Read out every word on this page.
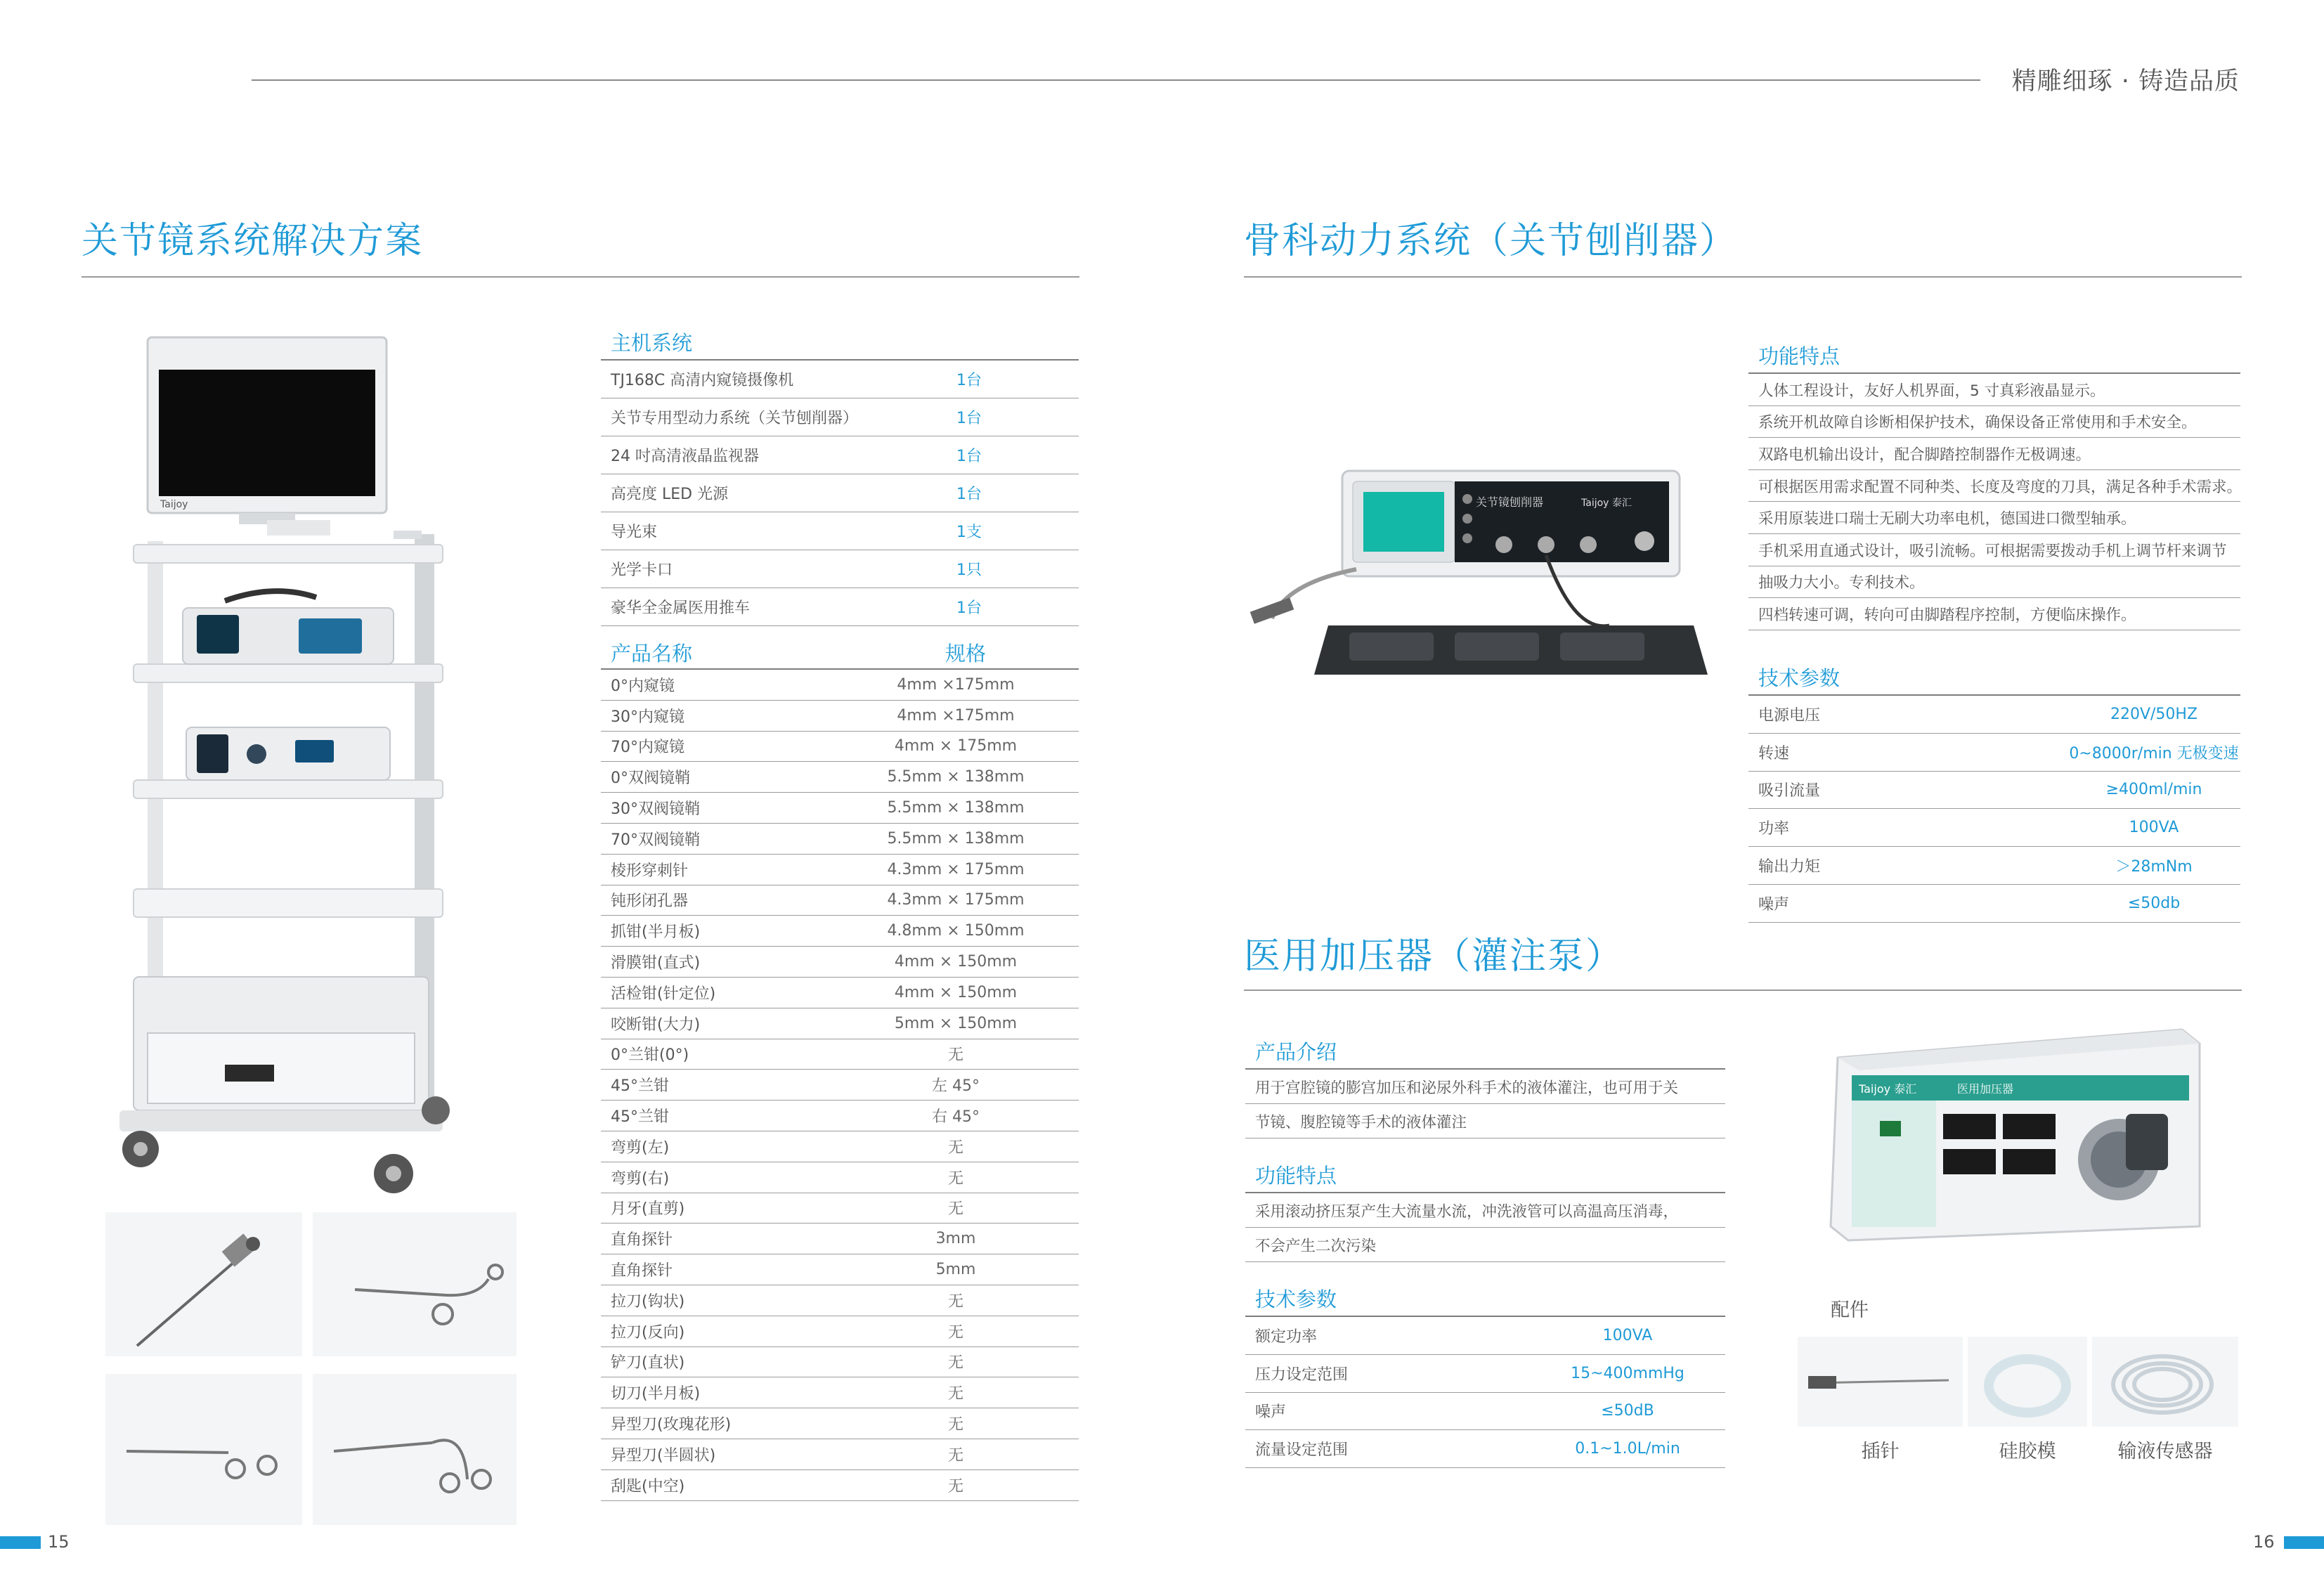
精雕细琢 · 铸造品质
关节镜系统解决方案
Taijoy
主机系统
TJ168C 高清内窥镜摄像机	1台
关节专用型动力系统（关节刨削器）	1台
24 吋高清液晶监视器	1台
高亮度 LED 光源	1台
导光束	1支
光学卡口	1只
豪华全金属医用推车	1台
产品名称	规格
0°内窥镜	4mm ×175mm
30°内窥镜	4mm ×175mm
70°内窥镜	4mm × 175mm
0°双阀镜鞘	5.5mm × 138mm
30°双阀镜鞘	5.5mm × 138mm
70°双阀镜鞘	5.5mm × 138mm
棱形穿刺针	4.3mm × 175mm
钝形闭孔器	4.3mm × 175mm
抓钳(半月板)	4.8mm × 150mm
滑膜钳(直式)	4mm × 150mm
活检钳(针定位)	4mm × 150mm
咬断钳(大力)	5mm × 150mm
0°兰钳(0°)	无
45°兰钳	左 45°
45°兰钳	右 45°
弯剪(左)	无
弯剪(右)	无
月牙(直剪)	无
直角探针	3mm
直角探针	5mm
拉刀(钩状)	无
拉刀(反向)	无
铲刀(直状)	无
切刀(半月板)	无
异型刀(玫瑰花形)	无
异型刀(半圆状)	无
刮匙(中空)	无
骨科动力系统（关节刨削器）
关节镜刨削器	Taijoy 泰汇
功能特点
人体工程设计，友好人机界面，5 寸真彩液晶显示。
系统开机故障自诊断相保护技术，确保设备正常使用和手术安全。
双路电机输出设计，配合脚踏控制器作无极调速。
可根据医用需求配置不同种类、长度及弯度的刀具，满足各种手术需求。
采用原装进口瑞士无刷大功率电机，德国进口微型轴承。
手机采用直通式设计，吸引流畅。可根据需要拨动手机上调节杆来调节
抽吸力大小。专利技术。
四档转速可调，转向可由脚踏程序控制，方便临床操作。
技术参数
电源电压	220V/50HZ
转速	0~8000r/min 无极变速
吸引流量	≥400ml/min
功率	100VA
输出力矩	＞28mNm
噪声	≤50db
医用加压器（灌注泵）
产品介绍
用于宫腔镜的膨宫加压和泌尿外科手术的液体灌注，也可用于关
节镜、腹腔镜等手术的液体灌注
功能特点
采用滚动挤压泵产生大流量水流，冲洗液管可以高温高压消毒，
不会产生二次污染
技术参数
额定功率	100VA
压力设定范围	15~400mmHg
噪声	≤50dB
流量设定范围	0.1~1.0L/min
Taijoy 泰汇	医用加压器
配件
插针	硅胶模	输液传感器
15	16
